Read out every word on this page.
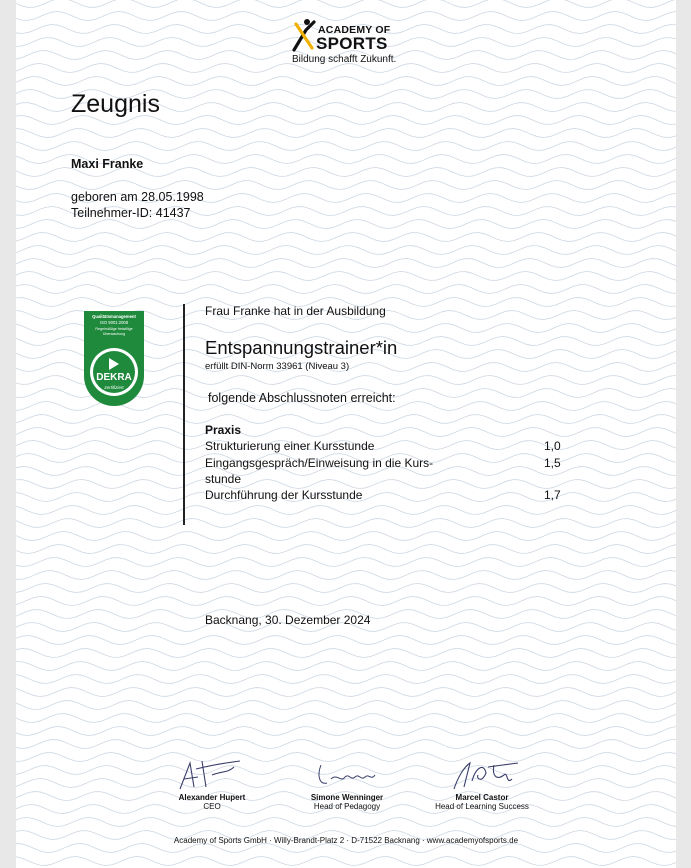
ACADEMY OF
SPORTS
Bildung schafft Zukunft.
Zeugnis
Maxi Franke
geboren am 28.05.1998
Teilnehmer-ID: 41437
Qualitätsmanagement
ISO 9001:2008
Regelmäßige freiwillige
Überwachung
DEKRA
zertifiziert
Frau Franke hat in der Ausbildung
Entspannungstrainer*in
erfüllt DIN-Norm 33961 (Niveau 3)
folgende Abschlussnoten erreicht:
Praxis
Strukturierung einer Kursstunde	1,0
Eingangsgespräch/Einweisung in die Kurs-
stunde
1,5
Durchführung der Kursstunde	1,7
Backnang, 30. Dezember 2024
Alexander Hupert
CEO
Simone Wenninger
Head of Pedagogy
Marcel Castor
Head of Learning Success
Academy of Sports GmbH · Willy-Brandt-Platz 2 · D-71522 Backnang · www.academyofsports.de
